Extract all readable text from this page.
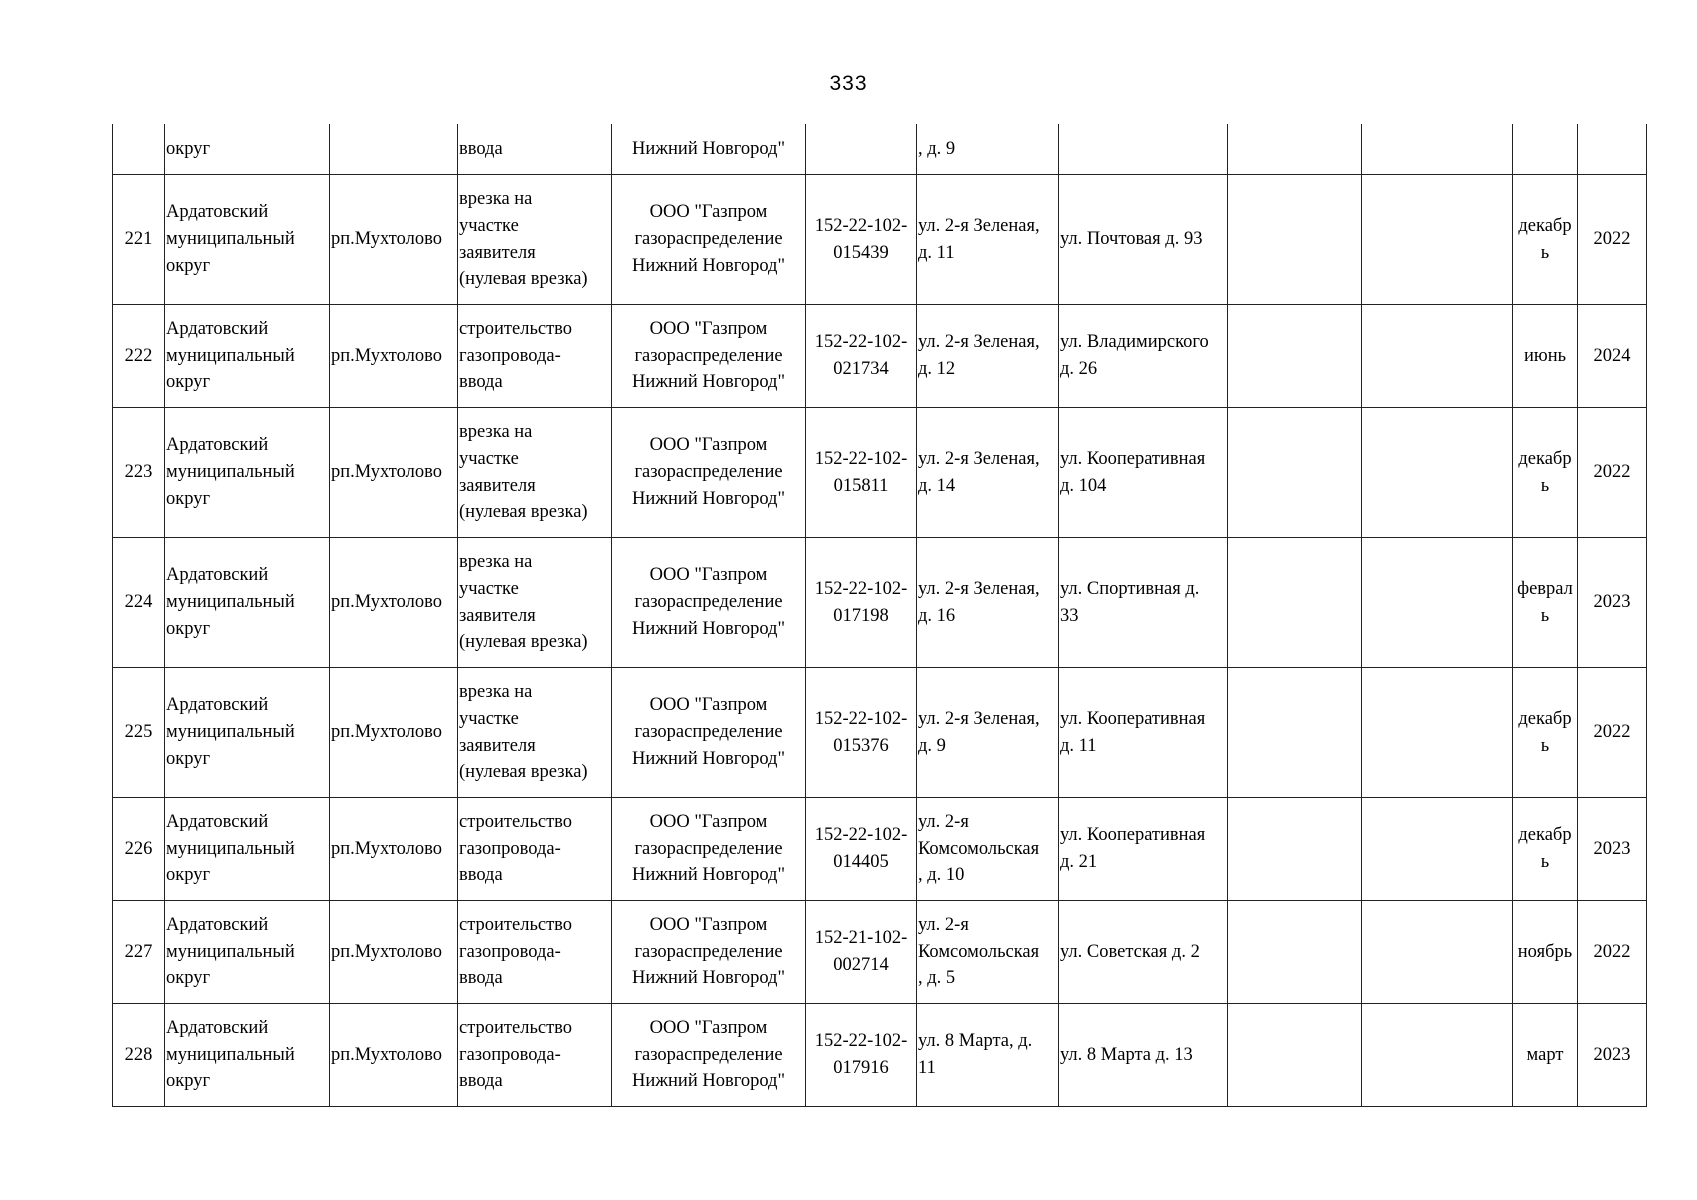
333
	округ		ввода	Нижний Новгород"		, д. 9					
221	Ардатовский
муниципальный
округ	рп.Мухтолово	врезка на
участке
заявителя
(нулевая врезка)	ООО "Газпром
газораспределение
Нижний Новгород"	152-22-102-
015439	ул. 2-я Зеленая,
д. 11	ул. Почтовая д. 93			декабр
ь	2022
222	Ардатовский
муниципальный
округ	рп.Мухтолово	строительство
газопровода-
ввода	ООО "Газпром
газораспределение
Нижний Новгород"	152-22-102-
021734	ул. 2-я Зеленая,
д. 12	ул. Владимирского
д. 26			июнь	2024
223	Ардатовский
муниципальный
округ	рп.Мухтолово	врезка на
участке
заявителя
(нулевая врезка)	ООО "Газпром
газораспределение
Нижний Новгород"	152-22-102-
015811	ул. 2-я Зеленая,
д. 14	ул. Кооперативная
д. 104			декабр
ь	2022
224	Ардатовский
муниципальный
округ	рп.Мухтолово	врезка на
участке
заявителя
(нулевая врезка)	ООО "Газпром
газораспределение
Нижний Новгород"	152-22-102-
017198	ул. 2-я Зеленая,
д. 16	ул. Спортивная д.
33			феврал
ь	2023
225	Ардатовский
муниципальный
округ	рп.Мухтолово	врезка на
участке
заявителя
(нулевая врезка)	ООО "Газпром
газораспределение
Нижний Новгород"	152-22-102-
015376	ул. 2-я Зеленая,
д. 9	ул. Кооперативная
д. 11			декабр
ь	2022
226	Ардатовский
муниципальный
округ	рп.Мухтолово	строительство
газопровода-
ввода	ООО "Газпром
газораспределение
Нижний Новгород"	152-22-102-
014405	ул. 2-я
Комсомольская
, д. 10	ул. Кооперативная
д. 21			декабр
ь	2023
227	Ардатовский
муниципальный
округ	рп.Мухтолово	строительство
газопровода-
ввода	ООО "Газпром
газораспределение
Нижний Новгород"	152-21-102-
002714	ул. 2-я
Комсомольская
, д. 5	ул. Советская д. 2			ноябрь	2022
228	Ардатовский
муниципальный
округ	рп.Мухтолово	строительство
газопровода-
ввода	ООО "Газпром
газораспределение
Нижний Новгород"	152-22-102-
017916	ул. 8 Марта, д.
11	ул. 8 Марта д. 13			март	2023
